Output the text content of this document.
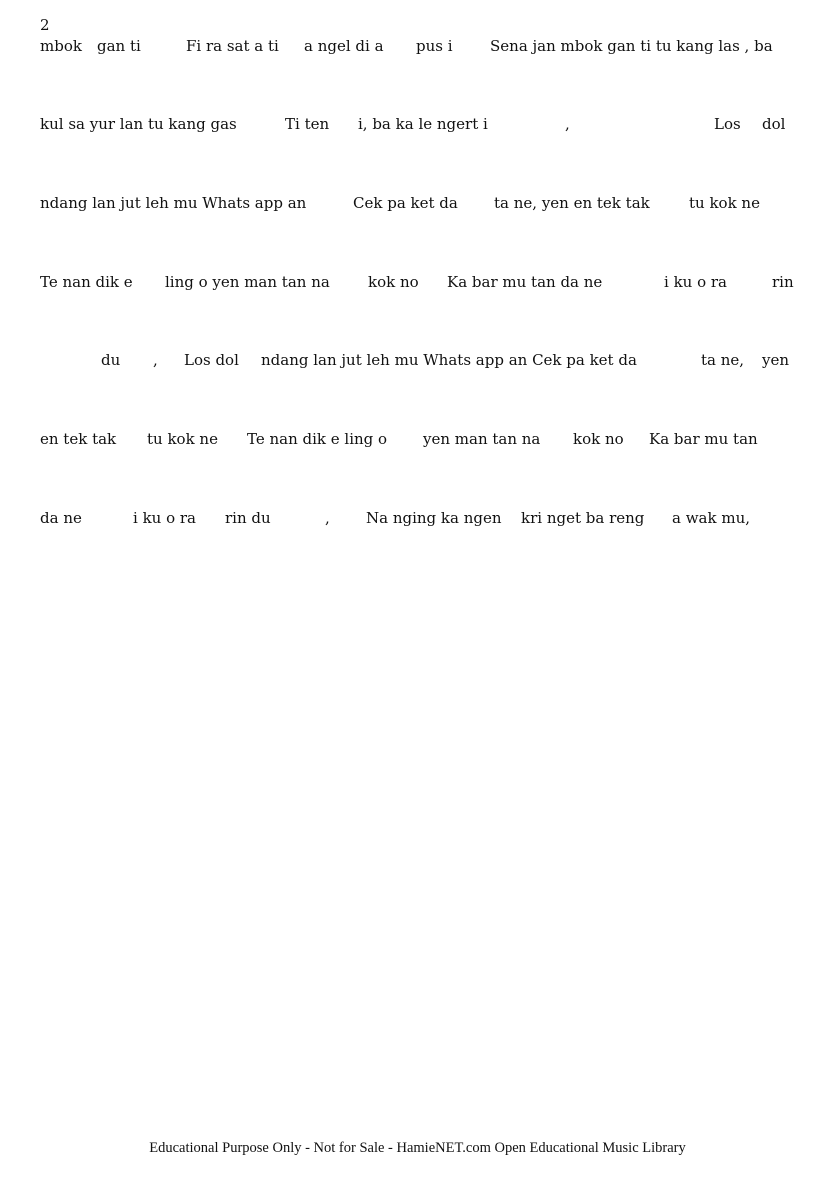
2
mbok gan ti	Fi ra sat a ti a ngel di a pus i Sena jan mbok gan ti tu kang las , ba
kul sa yur lan tu kang gas	Ti ten i, ba ka le ngert i	,	Los dol
ndang lan jut leh mu Whats app an	Cek pa ket da ta ne, yen en tek tak	tu kok ne
Te nan dik e ling o yen man tan na	kok no Ka bar mu tan da ne	i ku o ra	rin
du , Los dol ndang lan jut leh mu Whats app an Cek pa ket da	ta ne, yen
en tek tak tu kok ne Te nan dik e ling o yen man tan na kok no Ka bar mu tan
da ne	i ku o ra rin du	, Na nging ka ngen kri nget ba reng a wak mu,
Educational Purpose Only - Not for Sale - HamieNET.com Open Educational Music Library
